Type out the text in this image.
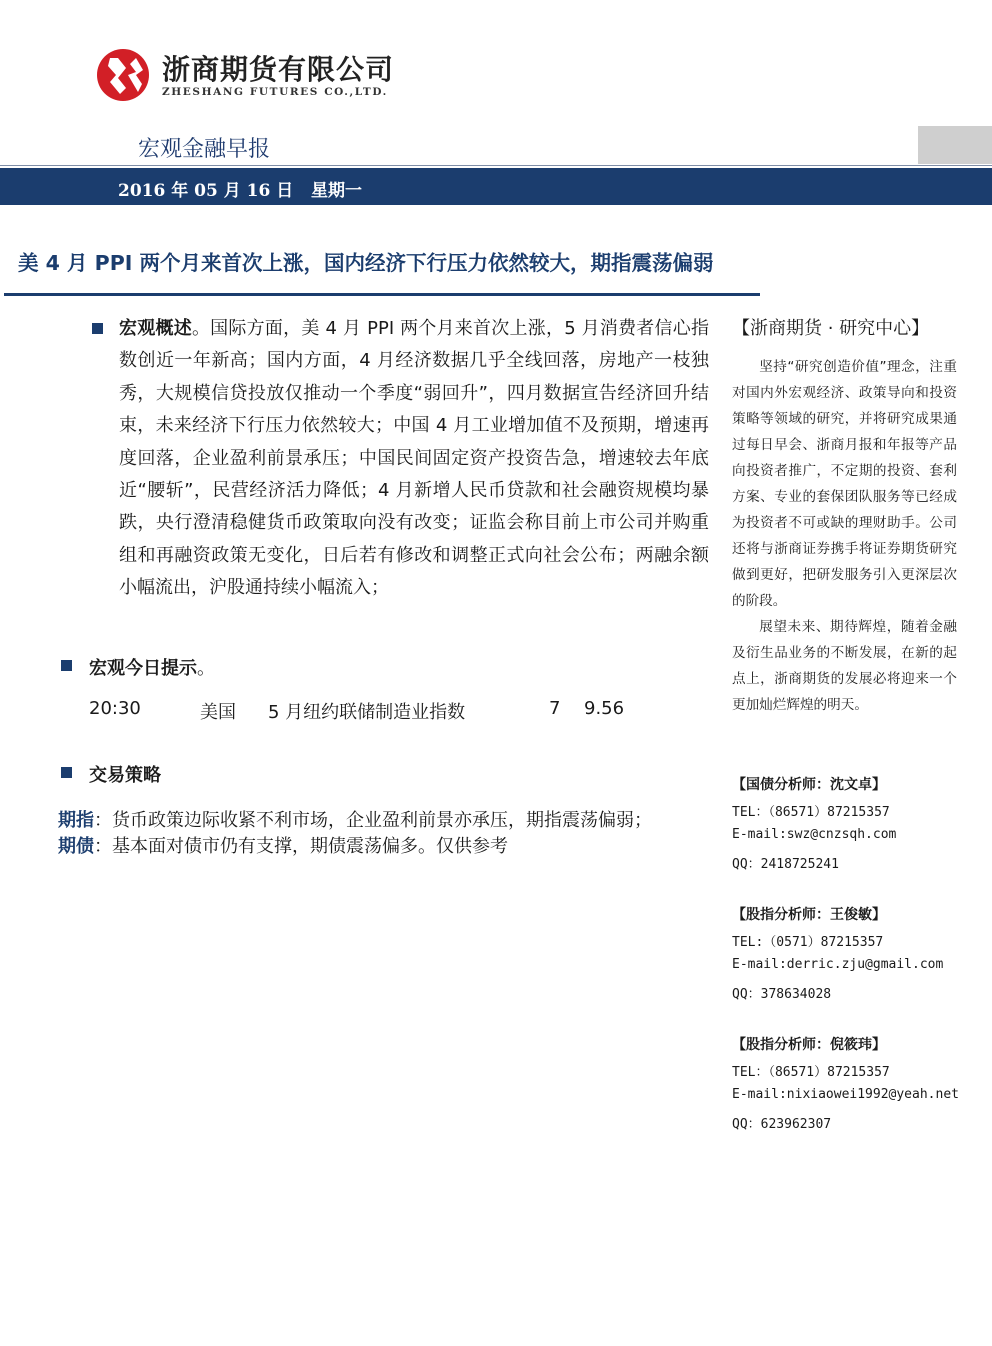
浙商期货有限公司
ZHESHANG FUTURES CO.,LTD.
宏观金融早报
2016 年 05 月 16 日 星期一
美 4 月 PPI 两个月来首次上涨，国内经济下行压力依然较大，期指震荡偏弱
宏观概述。国际方面，美 4 月 PPI 两个月来首次上涨，5 月消费者信心指数创近一年新高；国内方面，4 月经济数据几乎全线回落，房地产一枝独秀，大规模信贷投放仅推动一个季度“弱回升”，四月数据宣告经济回升结束，未来经济下行压力依然较大；中国 4 月工业增加值不及预期，增速再度回落，企业盈利前景承压；中国民间固定资产投资告急，增速较去年底近“腰斩”，民营经济活力降低；4 月新增人民币贷款和社会融资规模均暴跌，央行澄清稳健货币政策取向没有改变；证监会称目前上市公司并购重组和再融资政策无变化，日后若有修改和调整正式向社会公布；两融余额小幅流出，沪股通持续小幅流入；
宏观今日提示。
20:30	美国 5 月纽约联储制造业指数	7 9.56
交易策略
期指：货币政策边际收紧不利市场，企业盈利前景亦承压，期指震荡偏弱；
期债：基本面对债市仍有支撑，期债震荡偏多。仅供参考
【浙商期货 · 研究中心】
坚持“研究创造价值”理念，注重对国内外宏观经济、政策导向和投资策略等领域的研究，并将研究成果通过每日早会、浙商月报和年报等产品向投资者推广，不定期的投资、套利方案、专业的套保团队服务等已经成为投资者不可或缺的理财助手。公司还将与浙商证券携手将证券期货研究做到更好，把研发服务引入更深层次的阶段。
展望未来、期待辉煌，随着金融及衍生品业务的不断发展，在新的起点上，浙商期货的发展必将迎来一个更加灿烂辉煌的明天。
【国债分析师：沈文卓】
TEL：（86571）87215357
E-mail:swz@cnzsqh.com
QQ：2418725241
【股指分析师：王俊敏】
TEL:（0571）87215357
E-mail:derric.zju@gmail.com
QQ：378634028
【股指分析师：倪筱玮】
TEL：（86571）87215357
E-mail:nixiaowei1992@yeah.net
QQ：623962307
